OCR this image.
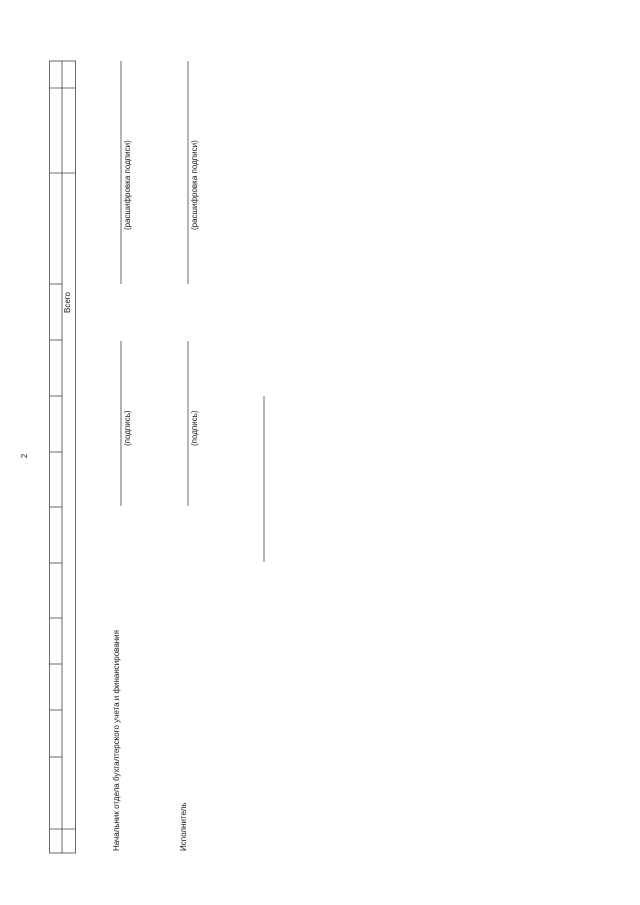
2
Всего
Начальник отдела бухгалтерского учета и финансирования
(подпись)
(расшифровка подписи)
Исполнитель
(подпись)
(расшифровка подписи)
